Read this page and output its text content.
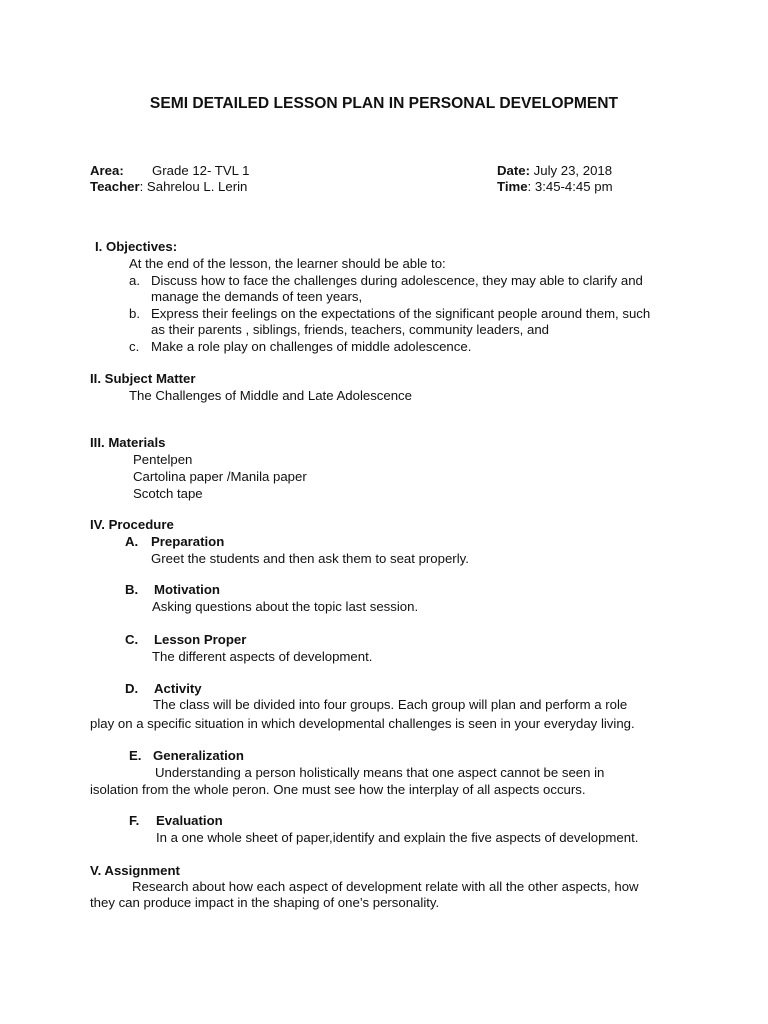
SEMI DETAILED LESSON PLAN IN PERSONAL DEVELOPMENT
Area: Grade 12- TVL 1
Teacher: Sahrelou L. Lerin
Date: July 23, 2018
Time: 3:45-4:45 pm
I. Objectives:
At the end of the lesson, the learner should be able to:
a. Discuss how to face the challenges during adolescence, they may able to clarify and
manage the demands of teen years,
b. Express their feelings on the expectations of the significant people around them, such
as their parents , siblings, friends, teachers, community leaders, and
c. Make a role play on challenges of middle adolescence.
II. Subject Matter
The Challenges of Middle and Late Adolescence
III. Materials
Pentelpen
Cartolina paper /Manila paper
Scotch tape
IV. Procedure
A. Preparation
Greet the students and then ask them to seat properly.
B. Motivation
Asking questions about the topic last session.
C. Lesson Proper
The different aspects of development.
D. Activity
The class will be divided into four groups. Each group will plan and perform a role
play on a specific situation in which developmental challenges is seen in your everyday living.
E. Generalization
Understanding a person holistically means that one aspect cannot be seen in
isolation from the whole peron. One must see how the interplay of all aspects occurs.
F. Evaluation
In a one whole sheet of paper,identify and explain the five aspects of development.
V. Assignment
Research about how each aspect of development relate with all the other aspects, how
they can produce impact in the shaping of one’s personality.
